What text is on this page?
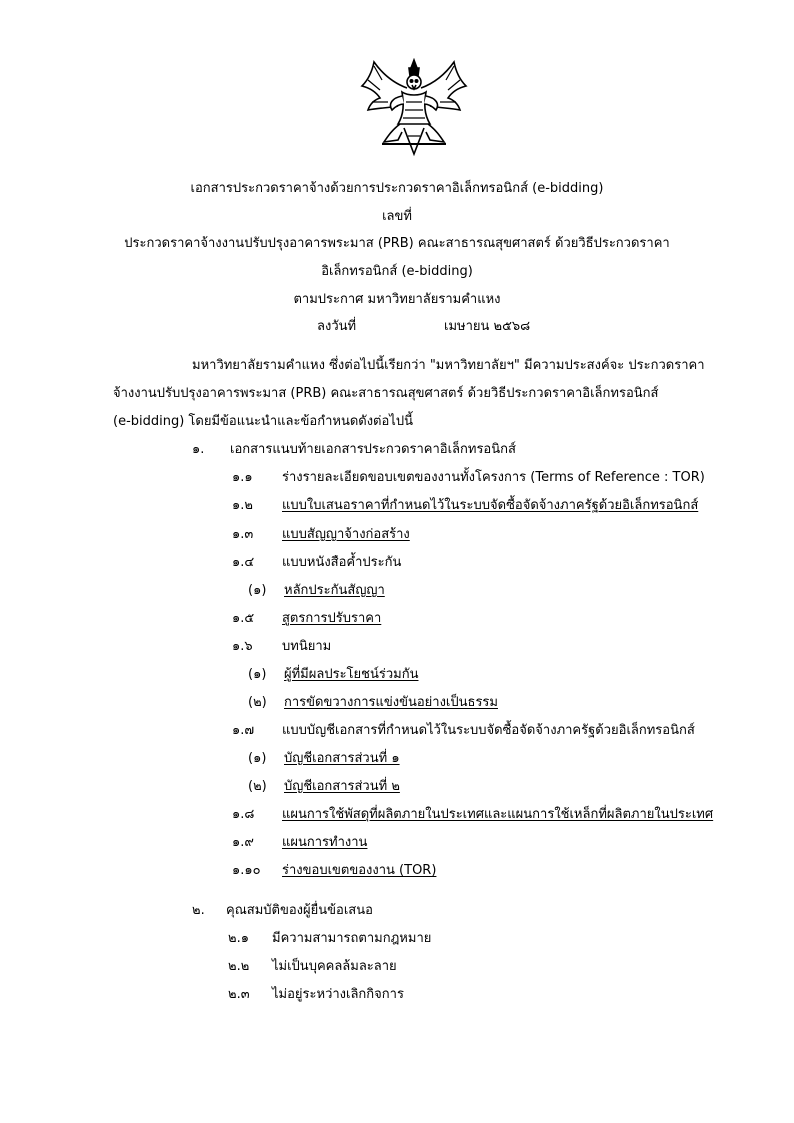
เอกสารประกวดราคาจ้างด้วยการประกวดราคาอิเล็กทรอนิกส์ (e-bidding)
เลขที่
ประกวดราคาจ้างงานปรับปรุงอาคารพระมาส (PRB) คณะสาธารณสุขศาสตร์ ด้วยวิธีประกวดราคา
อิเล็กทรอนิกส์ (e-bidding)
ตามประกาศ มหาวิทยาลัยรามคำแหง
ลงวันที่	เมษายน ๒๕๖๘
มหาวิทยาลัยรามคำแหง ซึ่งต่อไปนี้เรียกว่า "มหาวิทยาลัยฯ" มีความประสงค์จะ ประกวดราคา
จ้างงานปรับปรุงอาคารพระมาส (PRB) คณะสาธารณสุขศาสตร์ ด้วยวิธีประกวดราคาอิเล็กทรอนิกส์
(e-bidding) โดยมีข้อแนะนำและข้อกำหนดดังต่อไปนี้
๑. เอกสารแนบท้ายเอกสารประกวดราคาอิเล็กทรอนิกส์
๑.๑ ร่างรายละเอียดขอบเขตของงานทั้งโครงการ (Terms of Reference : TOR)
๑.๒ แบบใบเสนอราคาที่กำหนดไว้ในระบบจัดซื้อจัดจ้างภาครัฐด้วยอิเล็กทรอนิกส์
๑.๓ แบบสัญญาจ้างก่อสร้าง
๑.๔ แบบหนังสือค้ำประกัน
(๑) หลักประกันสัญญา
๑.๕ สูตรการปรับราคา
๑.๖ บทนิยาม
(๑) ผู้ที่มีผลประโยชน์ร่วมกัน
(๒) การขัดขวางการแข่งขันอย่างเป็นธรรม
๑.๗ แบบบัญชีเอกสารที่กำหนดไว้ในระบบจัดซื้อจัดจ้างภาครัฐด้วยอิเล็กทรอนิกส์
(๑) บัญชีเอกสารส่วนที่ ๑
(๒) บัญชีเอกสารส่วนที่ ๒
๑.๘ แผนการใช้พัสดุที่ผลิตภายในประเทศและแผนการใช้เหล็กที่ผลิตภายในประเทศ
๑.๙ แผนการทำงาน
๑.๑๐ ร่างขอบเขตของงาน (TOR)
๒. คุณสมบัติของผู้ยื่นข้อเสนอ
๒.๑ มีความสามารถตามกฎหมาย
๒.๒ ไม่เป็นบุคคลล้มละลาย
๒.๓ ไม่อยู่ระหว่างเลิกกิจการ
